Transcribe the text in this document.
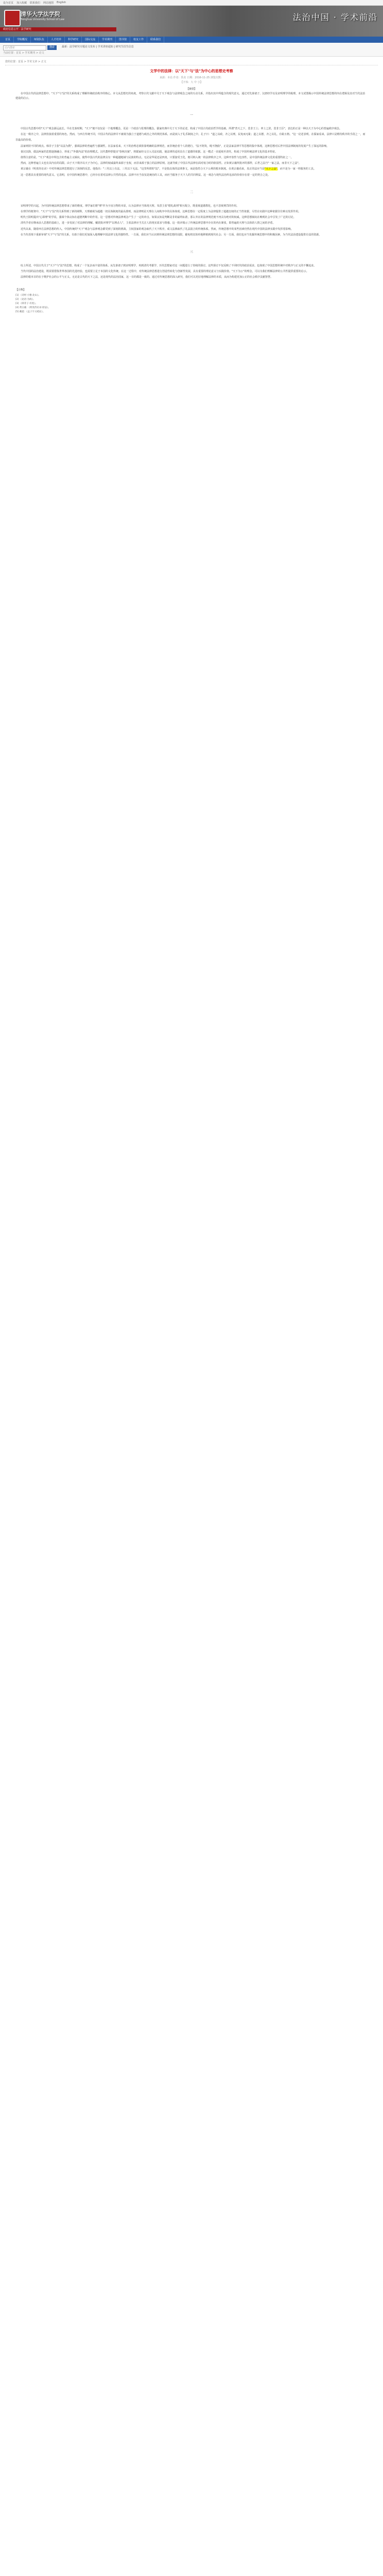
设为首页 加入收藏 联系我们 网站地图 English
清华大学法学院
Tsinghua University School of Law	法治中国 · 学术前沿
政府信息公开 · 法学研究
首页	学院概况	师资队伍	人才培养	科学研究	国际交流	学术期刊	图书馆	校友工作	联系我们
站内搜索	搜索	最新：法学研究专题论文发布 | 学术讲座通知 | 研究生招生信息
当前位置：首页 > 学术期刊 > 论文
您的位置：首页 > 学术文章 > 正文
文学中的法律：以"天下"与"法"为中心的思想史考察
来源：本站 作者：佚名 日期：2016-11-25 浏览次数：
【字体：大 中 小】
【摘要】

在中国古代的法律思想中，"天下"与"法"的关系构成了理解传统政治秩序的核心。本文从思想史的角度，考察古代文献中关于天下观念与法律观念之间的互动关系，并指出其中所蕴含的现代意义。通过对先秦诸子、汉唐经学以及宋明理学的梳理，本文试图揭示中国传统法律思想的内在逻辑及其对当代法治建设的启示。

一

中国古代思想中的"天下"观念源远流长。早在先秦时期，"天下"便不仅仅是一个地理概念，更是一个政治与伦理的概念。儒家经典中关于天下的论述，构成了中国古代政治哲学的基础。所谓"普天之下，莫非王土；率土之滨，莫非王臣"，表达的正是一种以天子为中心的普遍秩序观念。

在这一秩序之中，法律扮演着重要的角色。然而，与西方传统不同，中国古代的法律并不被视为独立于道德与政治之外的规范体系，而是嵌入于礼乐制度之中。孔子曰："道之以政，齐之以刑，民免而无耻；道之以德，齐之以礼，有耻且格。"这一论述表明，在儒家看来，法律只是维持秩序的手段之一，而非最高的价值。

法家则持不同的观点。韩非子主张"以法为教"，强调法律的普遍性与强制性。在法家看来，天下的治理必须依靠明确的法律规范，而非统治者个人的德行。"法不阿贵，绳不挠曲"，正是法家法律平等思想的集中体现。这种思想对后世中国法律制度的发展产生了深远的影响。

秦汉以降，儒法两家的思想逐渐融合，形成了"外儒内法"的治理模式。汉代董仲舒提出"春秋决狱"，将儒家经义引入司法实践，使法律的适用具有了道德的依据。这一模式一直延续至清代，构成了中国传统法律文化的基本特征。

值得注意的是，"天下"观念中所包含的普遍主义倾向，使得中国古代的法律具有一种超越地域与民族的特点。无论是华夏还是四夷，只要接受王化，便可纳入统一的法律秩序之中。这种开放性与包容性，是中国传统法律文化的重要特征之一。

然而，这种普遍主义也有其内在的局限。由于天下秩序以天子为中心，法律的权威最终来源于皇权，而非来源于独立的法律原则。这就导致了中国古代法律在面对权力时的软弱性。正如黄宗羲所批评的那样，后世之法乃"一家之法，而非天下之法"。

黄宗羲在《明夷待访录》中对传统法律思想进行了深刻的反思。他指出："三代以上有法，三代以下无法。"这里所谓的"法"，不是指具体的法律条文，而是指符合天下公利的根本制度。在黄宗羲看来，真正的法应当是"天下之法"，而不是为一家一姓服务的工具。

这一思想具有重要的现代意义。它表明，在中国传统思想中，已经存在着对法律公共性的追求。法律不应当仅仅是统治的工具，而应当服务于天下人的共同利益。这一观念与现代法治所追求的价值存在着一定的契合之处。

二

宋明理学的兴起，为中国传统法律思想带来了新的维度。理学家们将"理"作为宇宙万物的本原，认为法律应当体现天理。朱熹主张"德礼政刑"相互配合，既重视道德教化，也不忽视刑罚的作用。

在理学的框架中，"天下"与"法"的关系得到了新的阐释。天理被视为超越一切具体制度的最高准则，而法律则是天理在人间秩序中的具体体现。这种思想在一定程度上为法律提供了超越皇权的正当性依据，尽管在实践中这种依据往往难以发挥作用。

明代王阳明提出"心即理"的学说，强调个体良知在道德判断中的作用。这一思想对传统法律观念产生了一定的冲击。如果良知是判断是非的最终标准，那么外在的法律规范便不再具有绝对的权威。这种思想倾向在晚明社会中引发了广泛的讨论。

清代学者在继承前人思想的基础上，进一步发展了对法律的理解。戴震批评理学"以理杀人"，主张法律应当关注人的现实需求与情感。这一批评揭示了传统法律思想中存在的内在紧张，即普遍的天理与具体的人情之间的矛盾。

近代以来，随着西方法律思想的传入，中国传统的"天下"观念与法律观念都受到了深刻的挑战。主权国家的观念取代了天下秩序，成文法典取代了礼法混合的传统体系。然而，传统思想中的某些因素仍然在现代中国的法律实践中发挥着影响。

在当代语境下重新审视"天下"与"法"的关系，有助于我们更加深入地理解中国法律文化的独特性。一方面，我们应当认识到传统法律思想的局限，避免将其简单地移植到现代社会；另一方面，我们也应当发掘传统思想中的积极因素，为当代法治建设提供有益的资源。

三

综上所述，中国古代关于"天下"与"法"的思想，构成了一个复杂而丰富的体系。从先秦诸子到宋明理学，再到清代考据学，历代思想家对这一问题进行了持续的探讨。这些探讨不仅反映了不同时代的政治需求，也体现了中国思想传统中对秩序与正义的不懈追求。

当代中国的法治建设，既需要借鉴世界各国的先进经验，也需要立足于本国的文化传统。在这一过程中，对传统法律思想进行创造性转化与创新性发展，具有重要的理论意义与实践价值。"天下为公"的理念，可以为我们理解法律的公共性提供重要的启示。

法律的根本目的在于维护社会的公平与正义。无论是古代的天下之法，还是现代的法治国家，这一目的都是一致的。通过对传统思想的深入研究，我们可以更好地理解法律的本质，从而为构建更加公正的社会秩序贡献智慧。

【注释】
[1] 《诗经·小雅·北山》。
[2] 《论语·为政》。
[3] 《韩非子·有度》。
[4] 黄宗羲：《明夷待访录·原法》。
[5] 戴震：《孟子字义疏证》。
